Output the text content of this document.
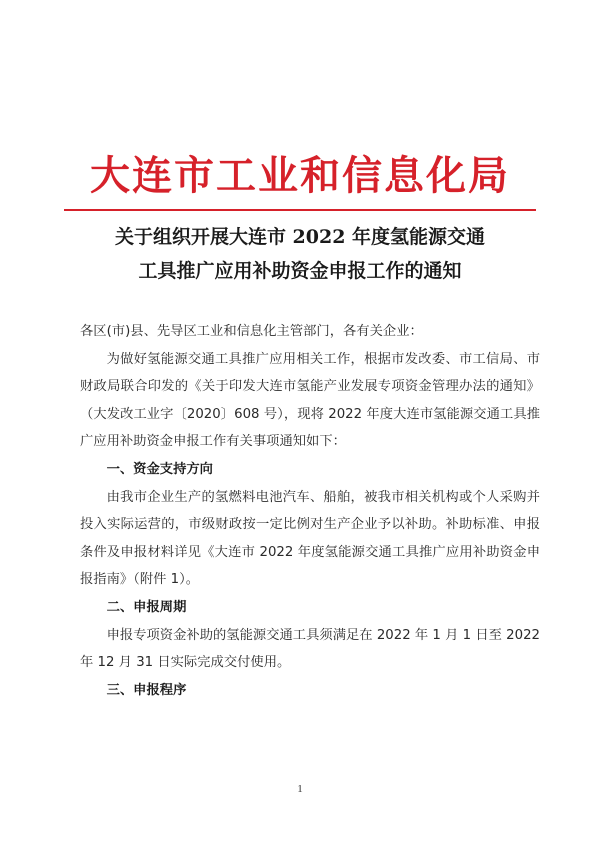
大连市工业和信息化局
关于组织开展大连市 2022 年度氢能源交通
工具推广应用补助资金申报工作的通知

各区(市)县、先导区工业和信息化主管部门，各有关企业：

为做好氢能源交通工具推广应用相关工作，根据市发改委、市工信局、市财政局联合印发的《关于印发大连市氢能产业发展专项资金管理办法的通知》（大发改工业字〔2020〕608 号），现将 2022 年度大连市氢能源交通工具推广应用补助资金申报工作有关事项通知如下：

一、资金支持方向

由我市企业生产的氢燃料电池汽车、船舶，被我市相关机构或个人采购并投入实际运营的，市级财政按一定比例对生产企业予以补助。补助标准、申报条件及申报材料详见《大连市 2022 年度氢能源交通工具推广应用补助资金申报指南》（附件 1）。

二、申报周期

申报专项资金补助的氢能源交通工具须满足在 2022 年 1 月 1 日至 2022 年 12 月 31 日实际完成交付使用。

三、申报程序

1
